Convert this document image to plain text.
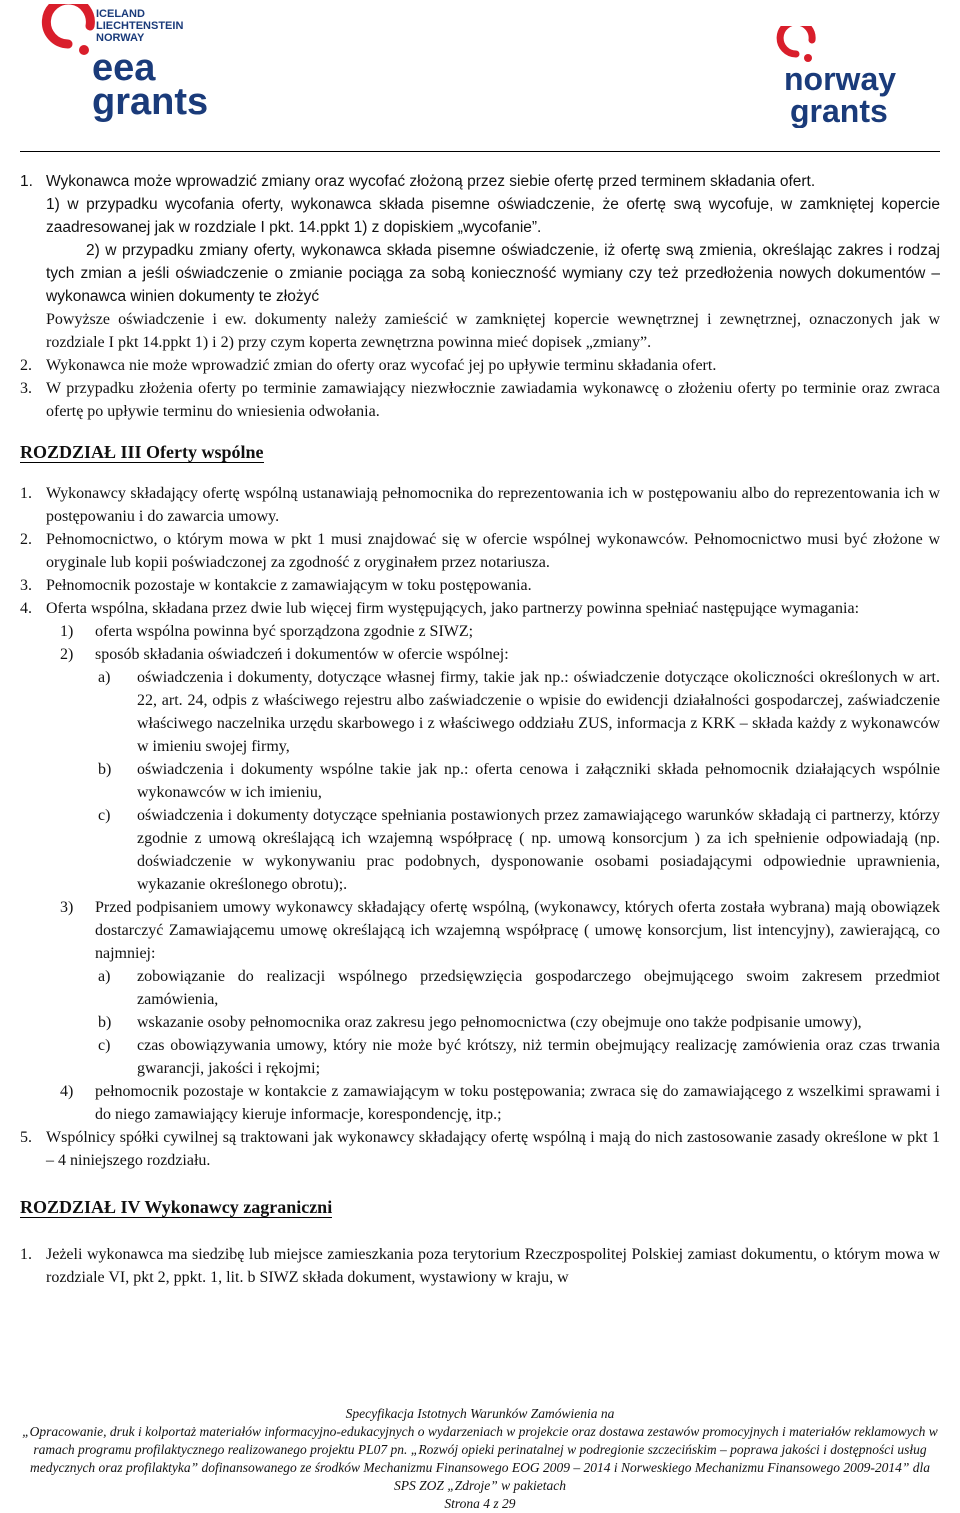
ICELAND
LIECHTENSTEIN
NORWAY
eea
grants
norway
grants
1. Wykonawca może wprowadzić zmiany oraz wycofać złożoną przez siebie ofertę przed terminem składania ofert.
1) w przypadku wycofania oferty, wykonawca składa pisemne oświadczenie, że ofertę swą wycofuje, w zamkniętej kopercie zaadresowanej jak w rozdziale I pkt. 14.ppkt 1) z dopiskiem „wycofanie”.
2) w przypadku zmiany oferty, wykonawca składa pisemne oświadczenie, iż ofertę swą zmienia, określając zakres i rodzaj tych zmian a jeśli oświadczenie o zmianie pociąga za sobą konieczność wymiany czy też przedłożenia nowych dokumentów – wykonawca winien dokumenty te złożyć
Powyższe oświadczenie i ew. dokumenty należy zamieścić w zamkniętej kopercie wewnętrznej i zewnętrznej, oznaczonych jak w rozdziale I pkt 14.ppkt 1) i 2) przy czym koperta zewnętrzna powinna mieć dopisek „zmiany”.
2. Wykonawca nie może wprowadzić zmian do oferty oraz wycofać jej po upływie terminu składania ofert.
3. W przypadku złożenia oferty po terminie zamawiający niezwłocznie zawiadamia wykonawcę o złożeniu oferty po terminie oraz zwraca ofertę po upływie terminu do wniesienia odwołania.
ROZDZIAŁ III Oferty wspólne
1. Wykonawcy składający ofertę wspólną ustanawiają pełnomocnika do reprezentowania ich w postępowaniu albo do reprezentowania ich w postępowaniu i do zawarcia umowy.
2. Pełnomocnictwo, o którym mowa w pkt 1 musi znajdować się w ofercie wspólnej wykonawców. Pełnomocnictwo musi być złożone w oryginale lub kopii poświadczonej za zgodność z oryginałem przez notariusza.
3. Pełnomocnik pozostaje w kontakcie z zamawiającym w toku postępowania.
4. Oferta wspólna, składana przez dwie lub więcej firm występujących, jako partnerzy powinna spełniać następujące wymagania:
1) oferta wspólna powinna być sporządzona zgodnie z SIWZ;
2) sposób składania oświadczeń i dokumentów w ofercie wspólnej:
a) oświadczenia i dokumenty, dotyczące własnej firmy, takie jak np.: oświadczenie dotyczące okoliczności określonych w art. 22, art. 24, odpis z właściwego rejestru albo zaświadczenie o wpisie do ewidencji działalności gospodarczej, zaświadczenie właściwego naczelnika urzędu skarbowego i z właściwego oddziału ZUS, informacja z KRK – składa każdy z wykonawców w imieniu swojej firmy,
b) oświadczenia i dokumenty wspólne takie jak np.: oferta cenowa i załączniki składa pełnomocnik działających wspólnie wykonawców w ich imieniu,
c) oświadczenia i dokumenty dotyczące spełniania postawionych przez zamawiającego warunków składają ci partnerzy, którzy zgodnie z umową określającą ich wzajemną współpracę ( np. umową konsorcjum ) za ich spełnienie odpowiadają (np. doświadczenie w wykonywaniu prac podobnych, dysponowanie osobami posiadającymi odpowiednie uprawnienia, wykazanie określonego obrotu);.
3) Przed podpisaniem umowy wykonawcy składający ofertę wspólną, (wykonawcy, których oferta została wybrana) mają obowiązek dostarczyć Zamawiającemu umowę określającą ich wzajemną współpracę ( umowę konsorcjum, list intencyjny), zawierającą, co najmniej:
a) zobowiązanie do realizacji wspólnego przedsięwzięcia gospodarczego obejmującego swoim zakresem przedmiot zamówienia,
b) wskazanie osoby pełnomocnika oraz zakresu jego pełnomocnictwa (czy obejmuje ono także podpisanie umowy),
c) czas obowiązywania umowy, który nie może być krótszy, niż termin obejmujący realizację zamówienia oraz czas trwania gwarancji, jakości i rękojmi;
4) pełnomocnik pozostaje w kontakcie z zamawiającym w toku postępowania; zwraca się do zamawiającego z wszelkimi sprawami i do niego zamawiający kieruje informacje, korespondencję, itp.;
5. Wspólnicy spółki cywilnej są traktowani jak wykonawcy składający ofertę wspólną i mają do nich zastosowanie zasady określone w pkt 1 – 4 niniejszego rozdziału.
ROZDZIAŁ IV Wykonawcy zagraniczni
1. Jeżeli wykonawca ma siedzibę lub miejsce zamieszkania poza terytorium Rzeczpospolitej Polskiej zamiast dokumentu, o którym mowa w rozdziale VI, pkt 2, ppkt. 1, lit. b SIWZ składa dokument, wystawiony w kraju, w
Specyfikacja Istotnych Warunków Zamówienia na
„Opracowanie, druk i kolportaż materiałów informacyjno-edukacyjnych o wydarzeniach w projekcie oraz dostawa zestawów promocyjnych i materiałów reklamowych w ramach programu profilaktycznego realizowanego projektu PL07 pn. „Rozwój opieki perinatalnej w podregionie szczecińskim – poprawa jakości i dostępności usług medycznych oraz profilaktyka” dofinansowanego ze środków Mechanizmu Finansowego EOG 2009 – 2014 i Norweskiego Mechanizmu Finansowego 2009-2014” dla SPS ZOZ „Zdroje” w pakietach
Strona 4 z 29
